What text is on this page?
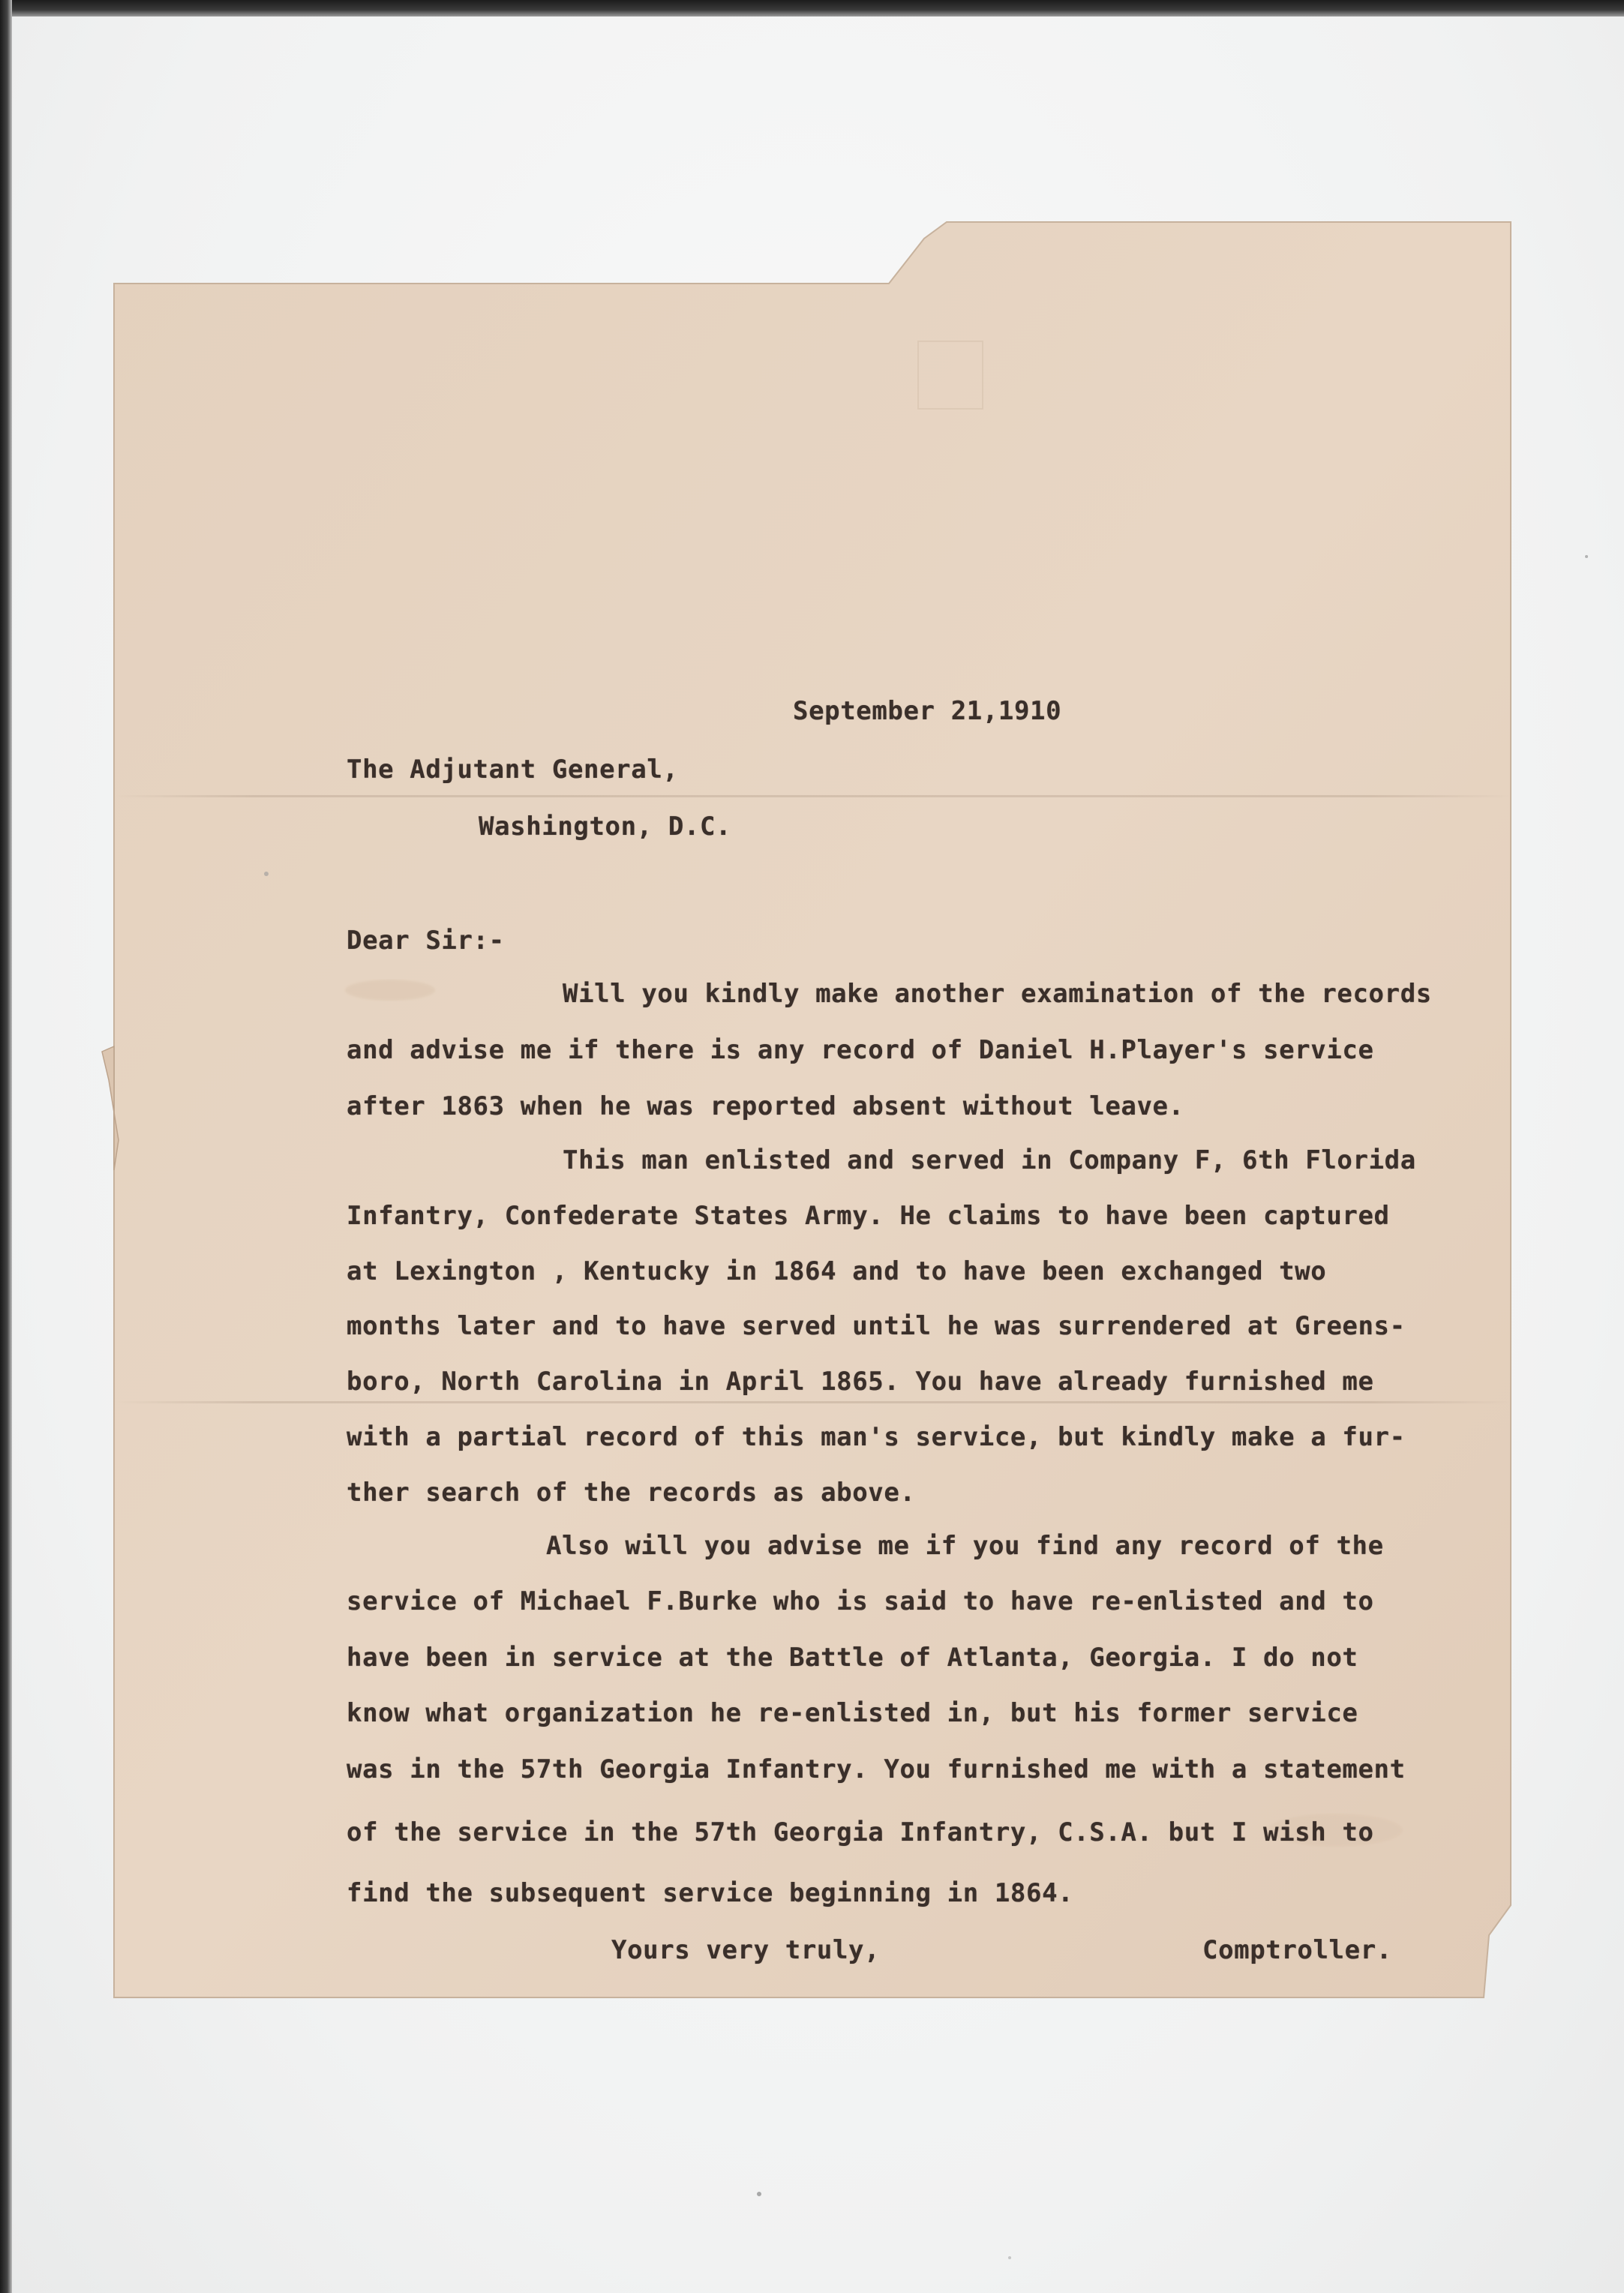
September 21,1910
The Adjutant General,
Washington, D.C.
Dear Sir:-
Will you kindly make another examination of the records
and advise me if there is any record of Daniel H.Player's service
after 1863 when he was reported absent without leave.
This man enlisted and served in Company F, 6th Florida
Infantry, Confederate States Army. He claims to have been captured
at Lexington , Kentucky in 1864 and to have been exchanged two
months later and to have served until he was surrendered at Greens-
boro, North Carolina in April 1865. You have already furnished me
with a partial record of this man's service, but kindly make a fur-
ther search of the records as above.
Also will you advise me if you find any record of the
service of Michael F.Burke who is said to have re-enlisted and to
have been in service at the Battle of Atlanta, Georgia. I do not
know what organization he re-enlisted in, but his former service
was in the 57th Georgia Infantry. You furnished me with a statement
of the service in the 57th Georgia Infantry, C.S.A. but I wish to
find the subsequent service beginning in 1864.
Yours very truly,	Comptroller.
